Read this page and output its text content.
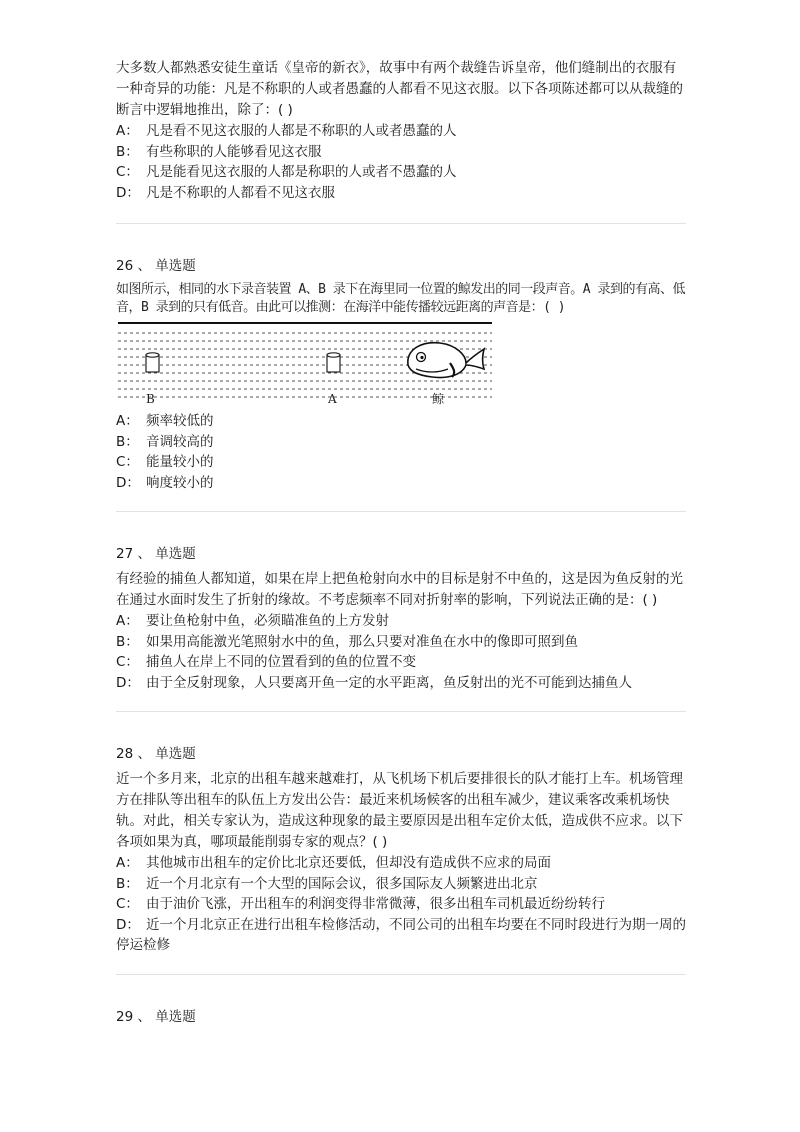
大多数人都熟悉安徒生童话《皇帝的新衣》，故事中有两个裁缝告诉皇帝，他们缝制出的衣服有一种奇异的功能：凡是不称职的人或者愚蠢的人都看不见这衣服。以下各项陈述都可以从裁缝的断言中逻辑地推出，除了：( )

A： 凡是看不见这衣服的人都是不称职的人或者愚蠢的人

B： 有些称职的人能够看见这衣服

C： 凡是能看见这衣服的人都是称职的人或者不愚蠢的人

D： 凡是不称职的人都看不见这衣服

26 、 单选题

如图所示，相同的水下录音装置 A、B 录下在海里同一位置的鲸发出的同一段声音。A 录到的有高、低音，B 录到的只有低音。由此可以推测：在海洋中能传播较远距离的声音是：( )

B	A	鲸

A： 频率较低的

B： 音调较高的

C： 能量较小的

D： 响度较小的

27 、 单选题

有经验的捕鱼人都知道，如果在岸上把鱼枪射向水中的目标是射不中鱼的，这是因为鱼反射的光在通过水面时发生了折射的缘故。不考虑频率不同对折射率的影响，下列说法正确的是：( )

A： 要让鱼枪射中鱼，必须瞄准鱼的上方发射

B： 如果用高能激光笔照射水中的鱼，那么只要对准鱼在水中的像即可照到鱼

C： 捕鱼人在岸上不同的位置看到的鱼的位置不变

D： 由于全反射现象，人只要离开鱼一定的水平距离，鱼反射出的光不可能到达捕鱼人

28 、 单选题

近一个多月来，北京的出租车越来越难打，从飞机场下机后要排很长的队才能打上车。机场管理方在排队等出租车的队伍上方发出公告：最近来机场候客的出租车减少，建议乘客改乘机场快轨。对此，相关专家认为，造成这种现象的最主要原因是出租车定价太低，造成供不应求。以下各项如果为真，哪项最能削弱专家的观点？( )

A： 其他城市出租车的定价比北京还要低，但却没有造成供不应求的局面

B： 近一个月北京有一个大型的国际会议，很多国际友人频繁进出北京

C： 由于油价飞涨，开出租车的利润变得非常微薄，很多出租车司机最近纷纷转行

D： 近一个月北京正在进行出租车检修活动，不同公司的出租车均要在不同时段进行为期一周的停运检修

29 、 单选题
